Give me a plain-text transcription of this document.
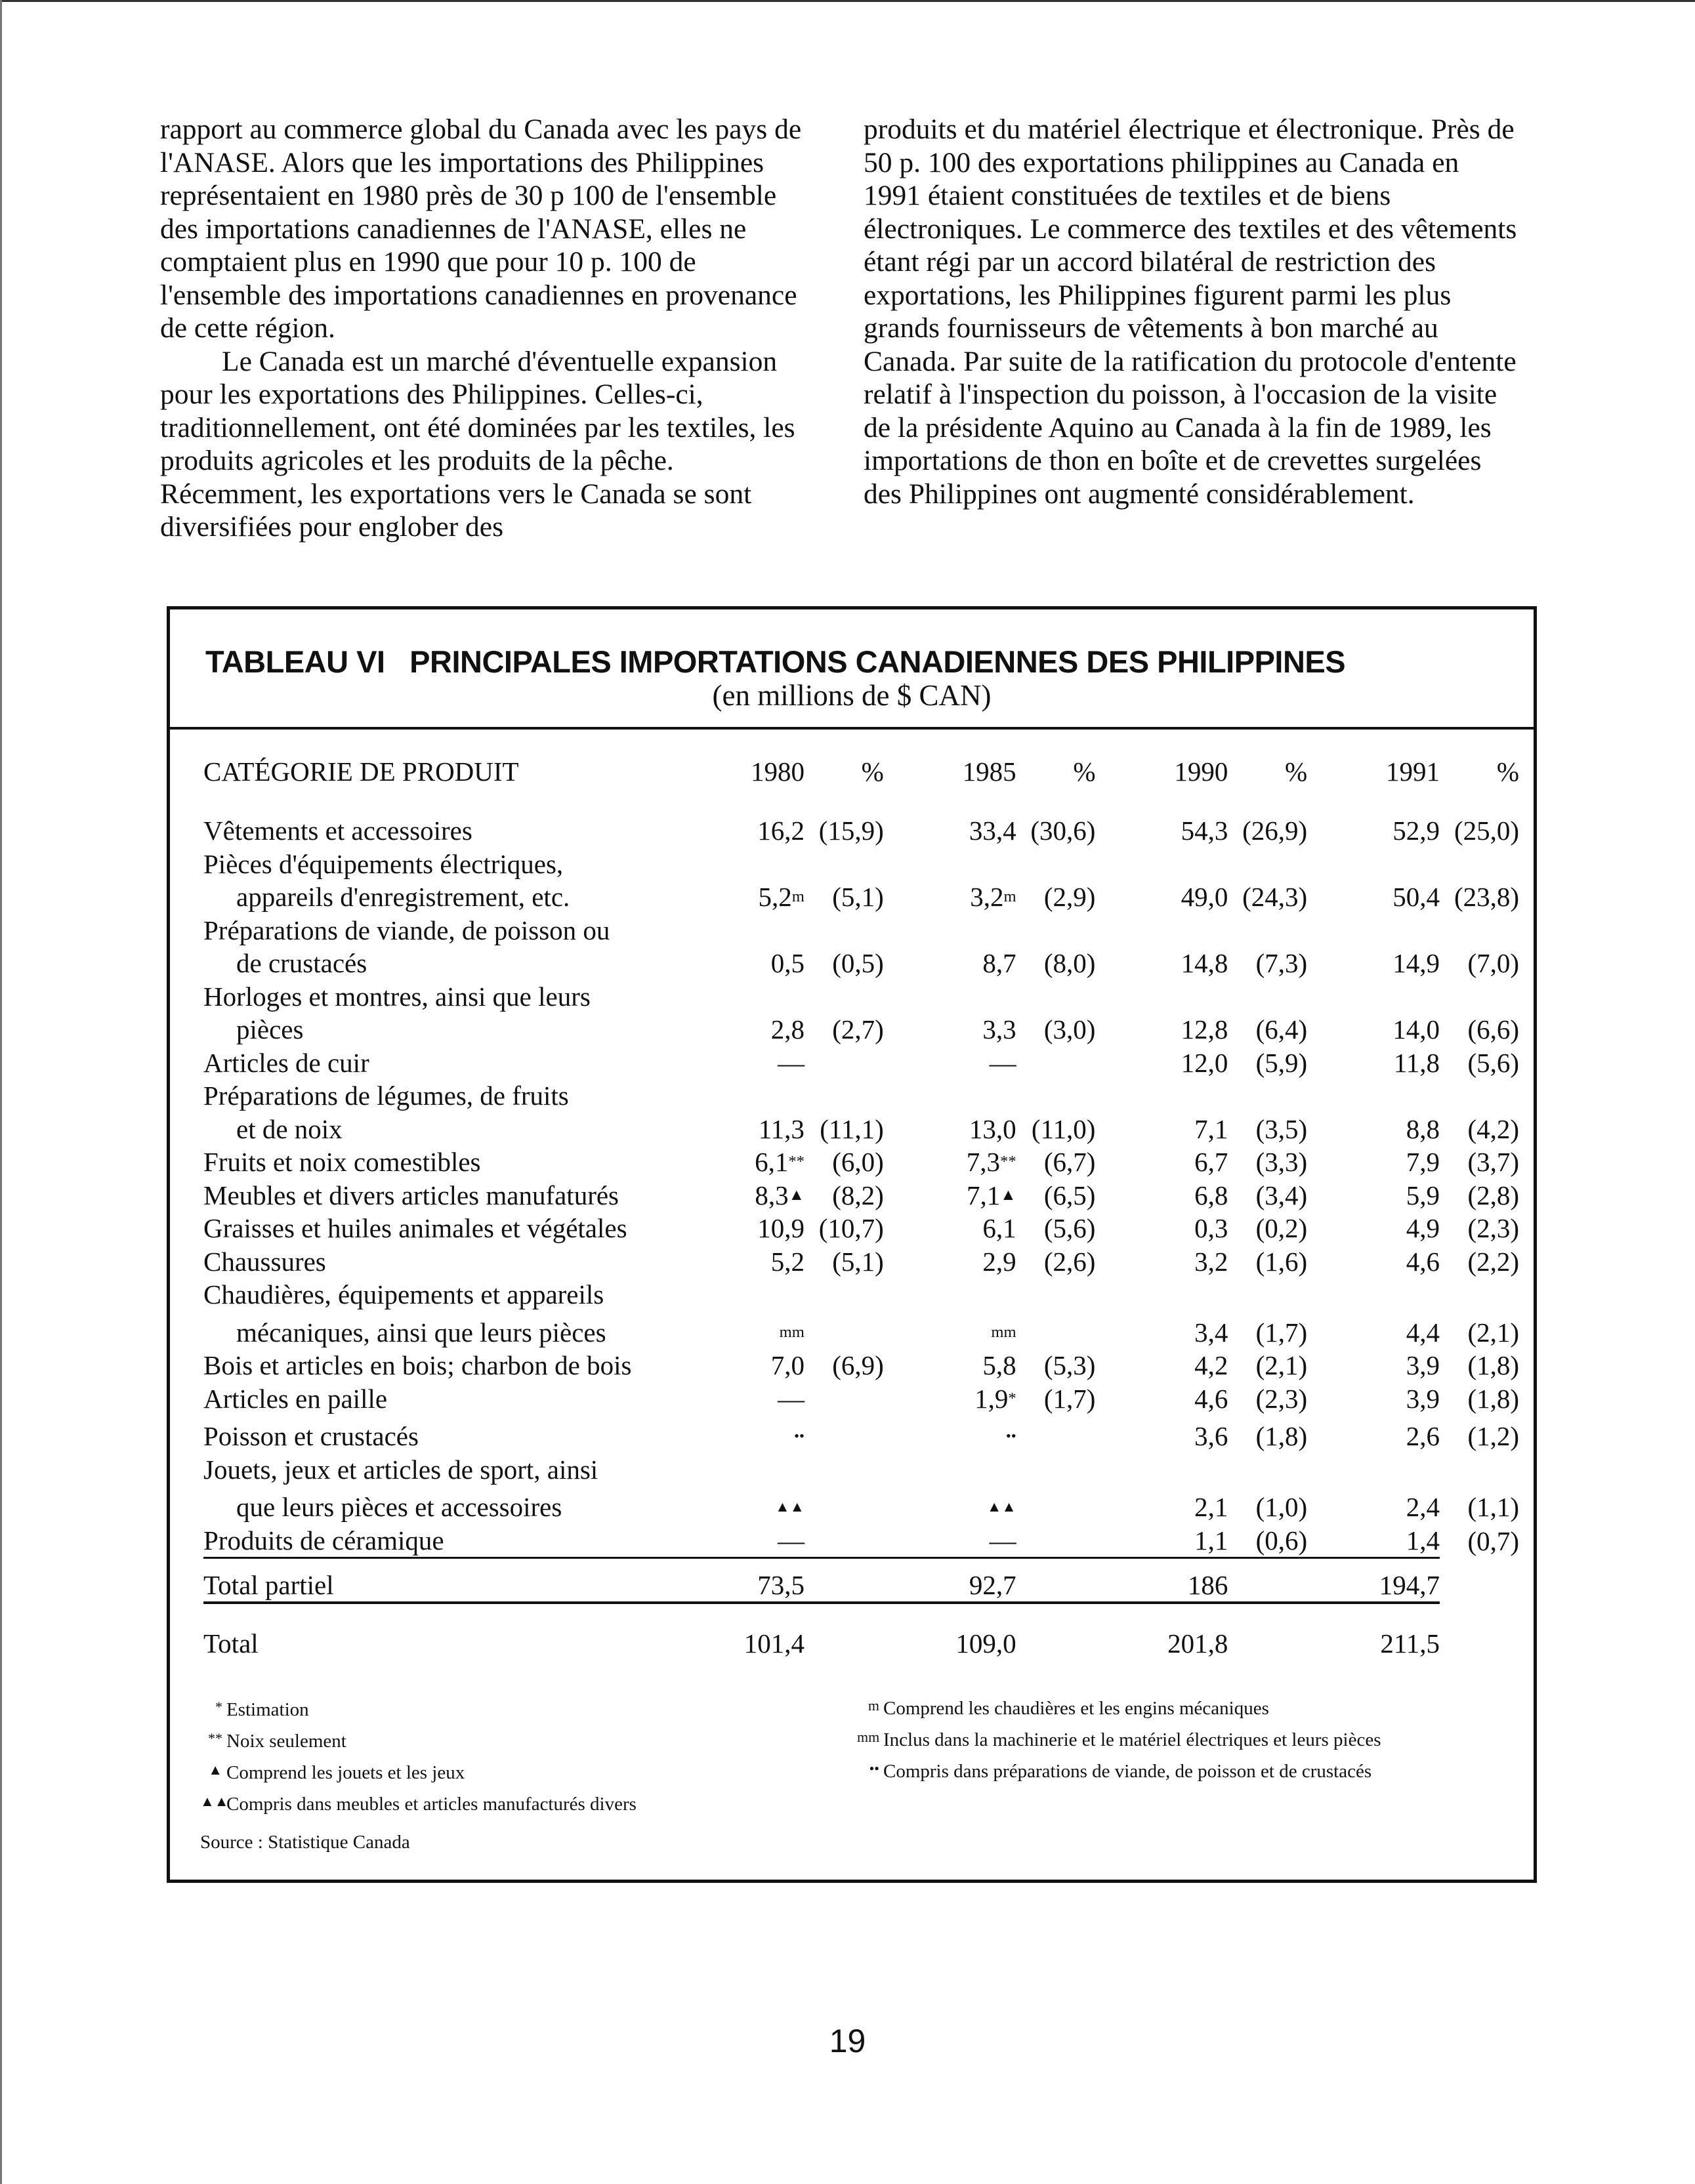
rapport au commerce global du Canada avec les pays de l'ANASE. Alors que les importations des Philippines représentaient en 1980 près de 30 p 100 de l'ensemble des importations canadiennes de l'ANASE, elles ne comptaient plus en 1990 que pour 10 p. 100 de l'ensemble des importations canadiennes en provenance de cette région.

Le Canada est un marché d'éventuelle expansion pour les exportations des Philippines. Celles-ci, traditionnellement, ont été dominées par les textiles, les produits agricoles et les produits de la pêche. Récemment, les exportations vers le Canada se sont diversifiées pour englober des

produits et du matériel électrique et électronique. Près de 50 p. 100 des exportations philippines au Canada en 1991 étaient constituées de textiles et de biens électroniques. Le commerce des textiles et des vêtements étant régi par un accord bilatéral de restriction des exportations, les Philippines figurent parmi les plus grands fournisseurs de vêtements à bon marché au Canada. Par suite de la ratification du protocole d'entente relatif à l'inspection du poisson, à l'occasion de la visite de la présidente Aquino au Canada à la fin de 1989, les importations de thon en boîte et de crevettes surgelées des Philippines ont augmenté considérablement.

TABLEAU VI   PRINCIPALES IMPORTATIONS CANADIENNES DES PHILIPPINES
(en millions de $ CAN)
CATÉGORIE DE PRODUIT	1980	%	1985	%	1990	%	1991	%

Vêtements et accessoires	16,2	(15,9)	33,4	(30,6)	54,3	(26,9)	52,9	(25,0)
Pièces d'équipements électriques,								
appareils d'enregistrement, etc.	5,2$^m$	(5,1)	3,2$^m$	(2,9)	49,0	(24,3)	50,4	(23,8)
Préparations de viande, de poisson ou								
de crustacés	0,5	(0,5)	8,7	(8,0)	14,8	(7,3)	14,9	(7,0)
Horloges et montres, ainsi que leurs								
pièces	2,8	(2,7)	3,3	(3,0)	12,8	(6,4)	14,0	(6,6)
Articles de cuir	—		—		12,0	(5,9)	11,8	(5,6)
Préparations de légumes, de fruits								
et de noix	11,3	(11,1)	13,0	(11,0)	7,1	(3,5)	8,8	(4,2)
Fruits et noix comestibles	6,1**	(6,0)	7,3**	(6,7)	6,7	(3,3)	7,9	(3,7)
Meubles et divers articles manufaturés	8,3▲	(8,2)	7,1▲	(6,5)	6,8	(3,4)	5,9	(2,8)
Graisses et huiles animales et végétales	10,9	(10,7)	6,1	(5,6)	0,3	(0,2)	4,9	(2,3)
Chaussures	5,2	(5,1)	2,9	(2,6)	3,2	(1,6)	4,6	(2,2)
Chaudières, équipements et appareils								
mécaniques, ainsi que leurs pièces	mm		mm		3,4	(1,7)	4,4	(2,1)
Bois et articles en bois; charbon de bois	7,0	(6,9)	5,8	(5,3)	4,2	(2,1)	3,9	(1,8)
Articles en paille	—		1,9*	(1,7)	4,6	(2,3)	3,9	(1,8)
Poisson et crustacés	••		••		3,6	(1,8)	2,6	(1,2)
Jouets, jeux et articles de sport, ainsi								
que leurs pièces et accessoires	▲▲		▲▲		2,1	(1,0)	2,4	(1,1)
Produits de céramique	—		—		1,1	(0,6)	1,4	(0,7)
Total partiel	73,5		92,7		186		194,7	
Total	101,4		109,0		201,8		211,5	
* Estimation
** Noix seulement
▲ Comprend les jouets et les jeux
▲▲Compris dans meubles et articles manufacturés divers
m Comprend les chaudières et les engins mécaniques
mm Inclus dans la machinerie et le matériel électriques et leurs pièces
•• Compris dans préparations de viande, de poisson et de crustacés
Source : Statistique Canada
19
